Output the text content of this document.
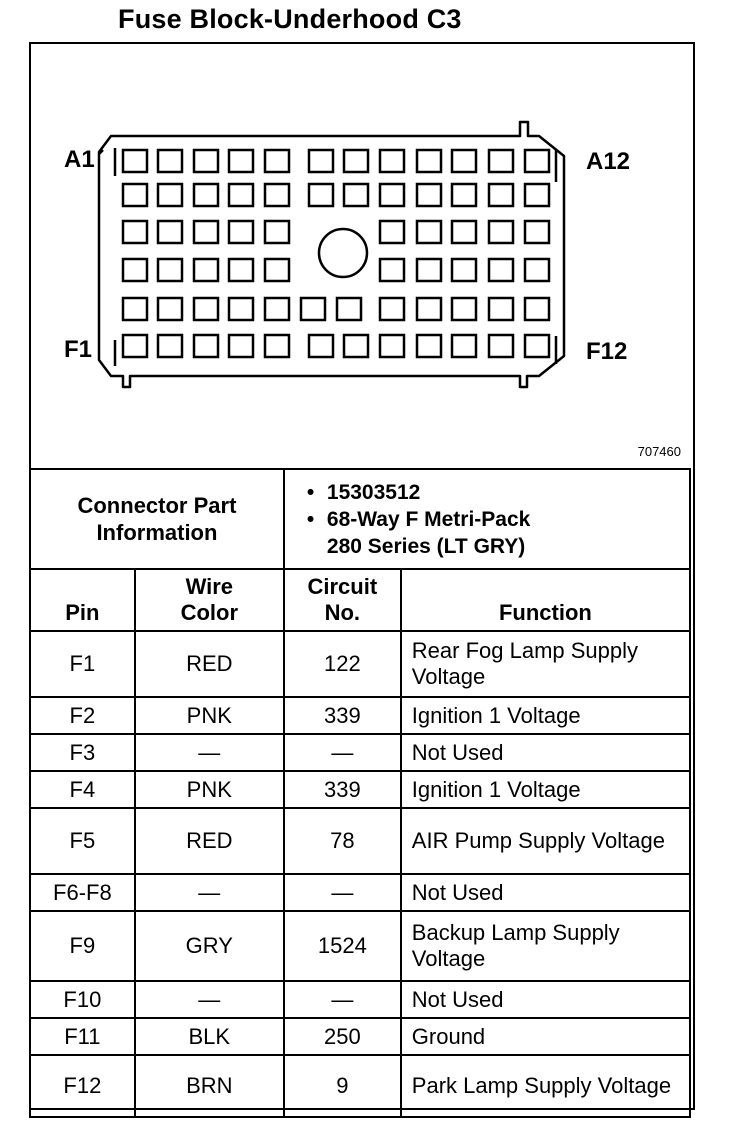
Fuse Block-Underhood C3
A1	A12
F1	F12
707460
Connector Part Information		• 15303512
• 68-Way F Metri-Pack
280 Series (LT GRY)

Pin	Wire Color	Circuit No.	Function
F1	RED	122	Rear Fog Lamp Supply Voltage
F2	PNK	339	Ignition 1 Voltage
F3	—	—	Not Used
F4	PNK	339	Ignition 1 Voltage
F5	RED	78	AIR Pump Supply Voltage
F6-F8	—	—	Not Used
F9	GRY	1524	Backup Lamp Supply Voltage
F10	—	—	Not Used
F11	BLK	250	Ground
F12	BRN	9	Park Lamp Supply Voltage
